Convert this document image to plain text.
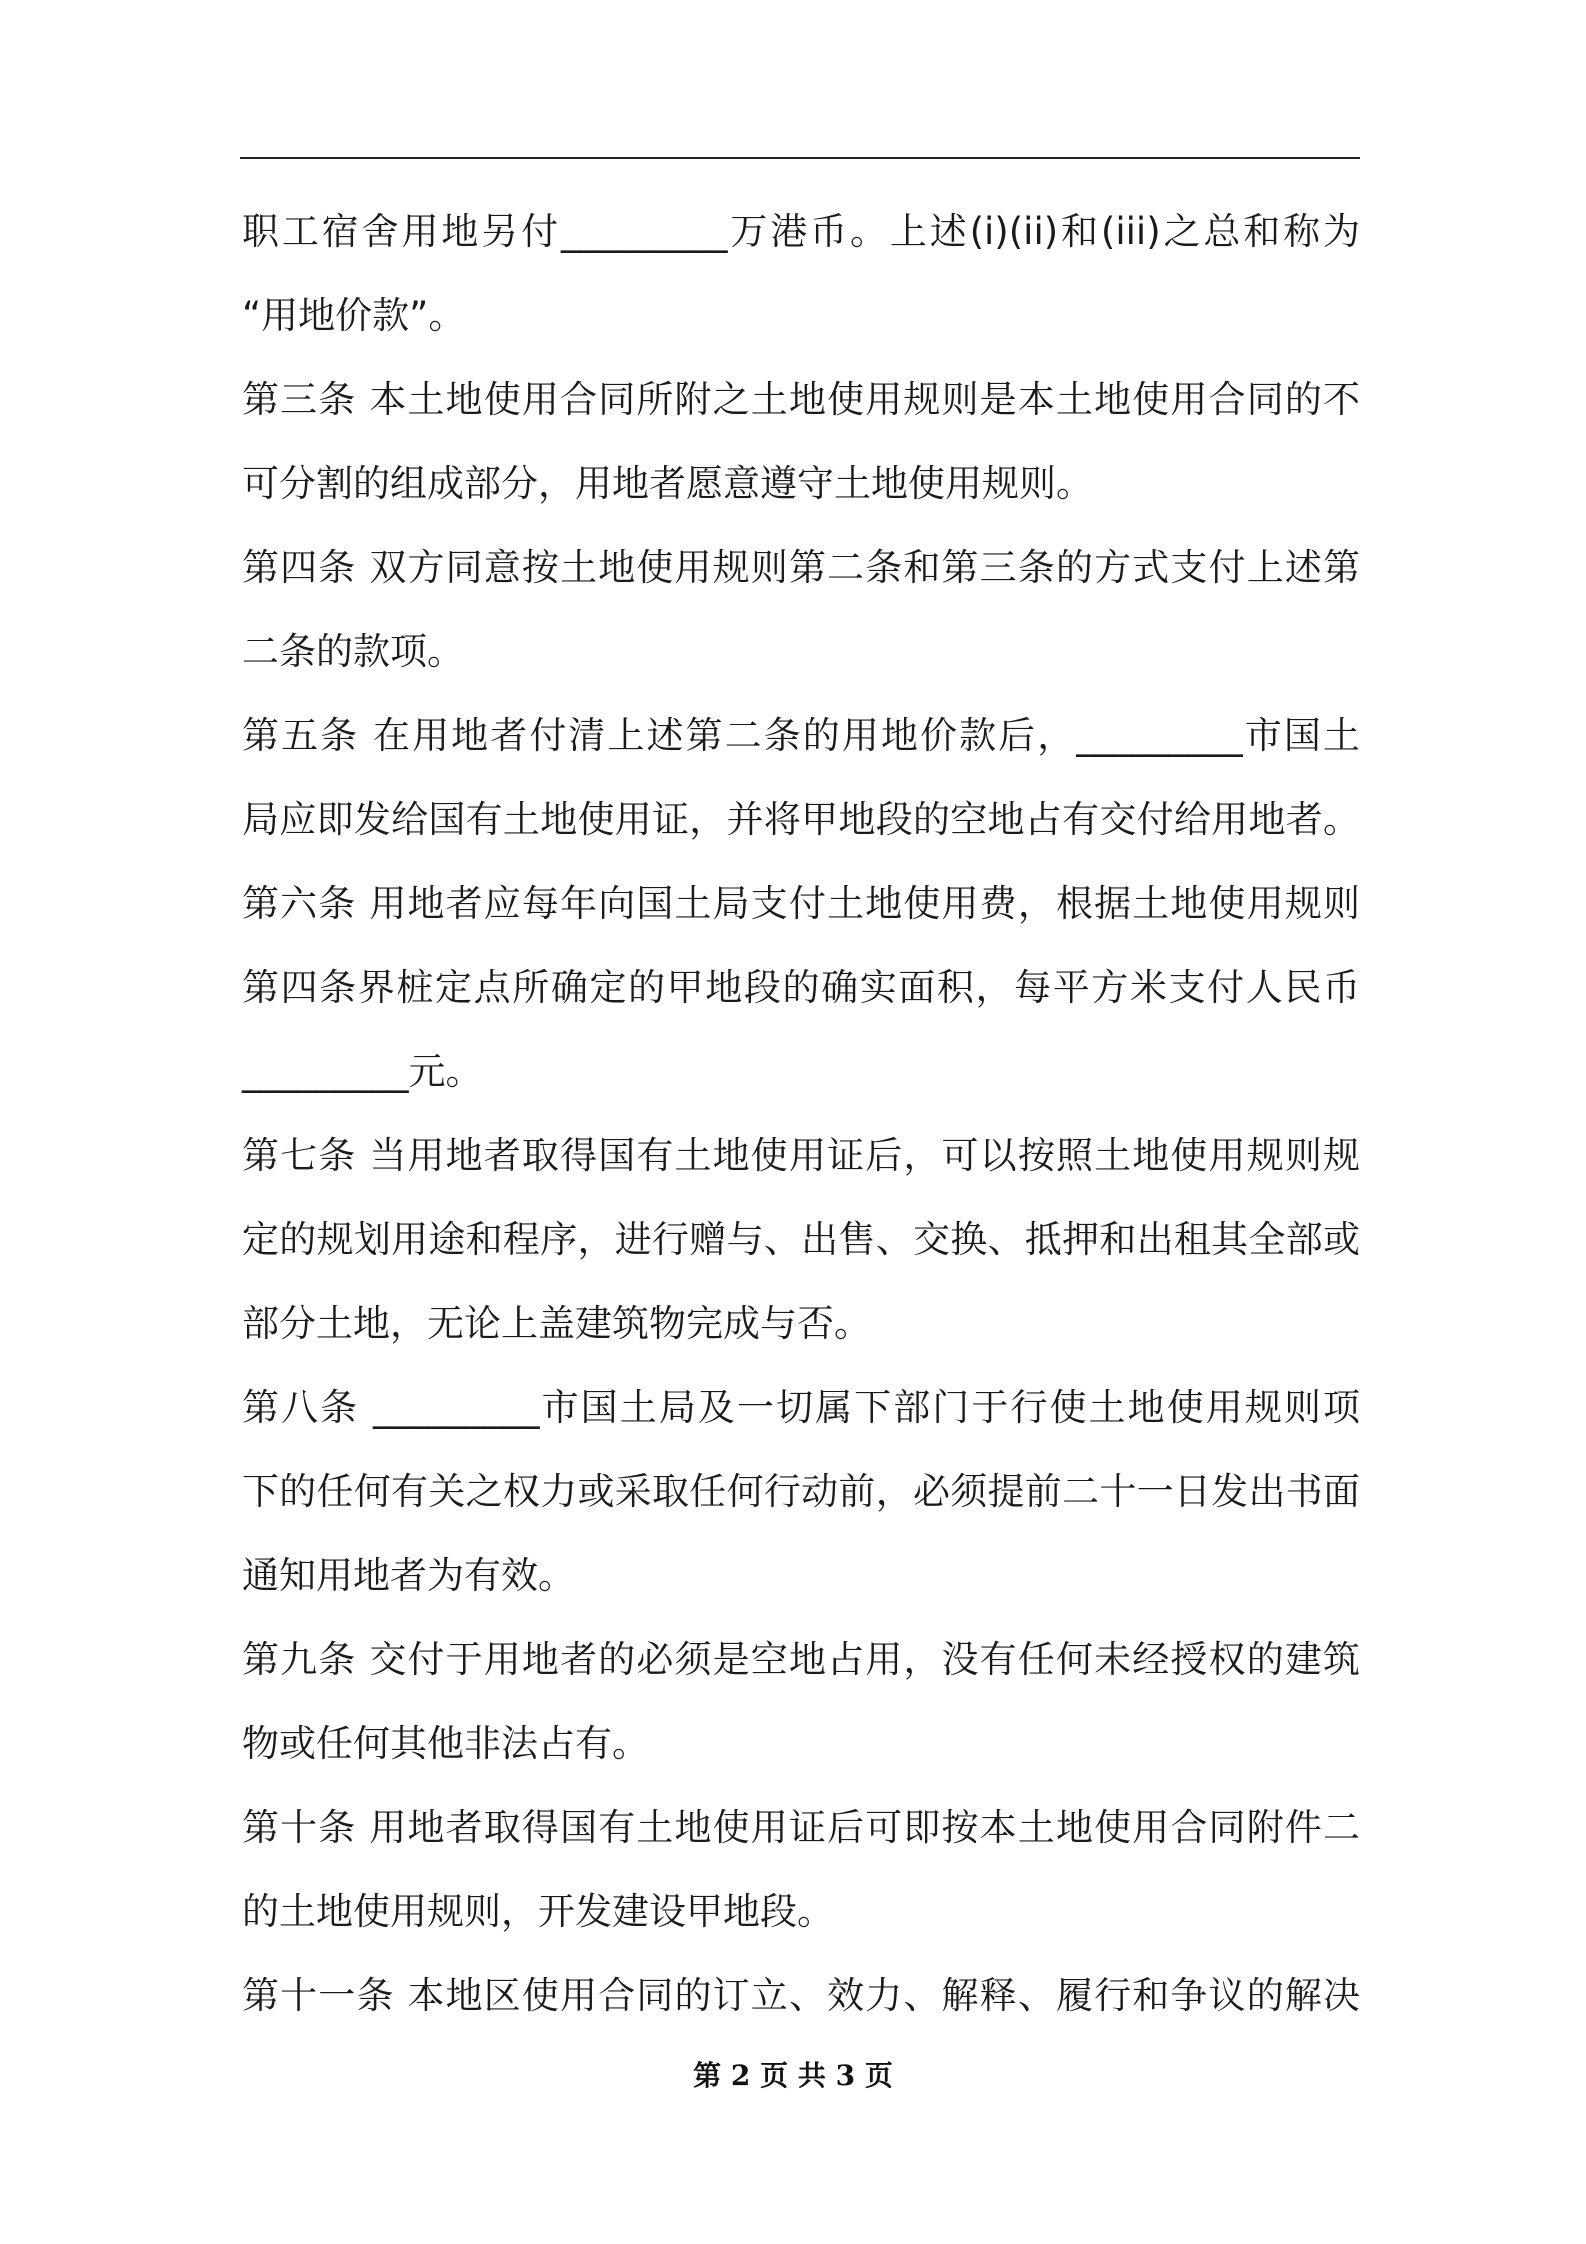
职工宿舍用地另付_________万港币。上述(i)(ii)和(iii)之总和称为
“用地价款”。
第三条 本土地使用合同所附之土地使用规则是本土地使用合同的不
可分割的组成部分，用地者愿意遵守土地使用规则。
第四条 双方同意按土地使用规则第二条和第三条的方式支付上述第
二条的款项。
第五条 在用地者付清上述第二条的用地价款后，_________市国土
局应即发给国有土地使用证，并将甲地段的空地占有交付给用地者。
第六条 用地者应每年向国土局支付土地使用费，根据土地使用规则
第四条界桩定点所确定的甲地段的确实面积，每平方米支付人民币
_________元。
第七条 当用地者取得国有土地使用证后，可以按照土地使用规则规
定的规划用途和程序，进行赠与、出售、交换、抵押和出租其全部或
部分土地，无论上盖建筑物完成与否。
第八条 _________市国土局及一切属下部门于行使土地使用规则项
下的任何有关之权力或采取任何行动前，必须提前二十一日发出书面
通知用地者为有效。
第九条 交付于用地者的必须是空地占用，没有任何未经授权的建筑
物或任何其他非法占有。
第十条 用地者取得国有土地使用证后可即按本土地使用合同附件二
的土地使用规则，开发建设甲地段。
第十一条 本地区使用合同的订立、效力、解释、履行和争议的解决
第 2 页 共 3 页
